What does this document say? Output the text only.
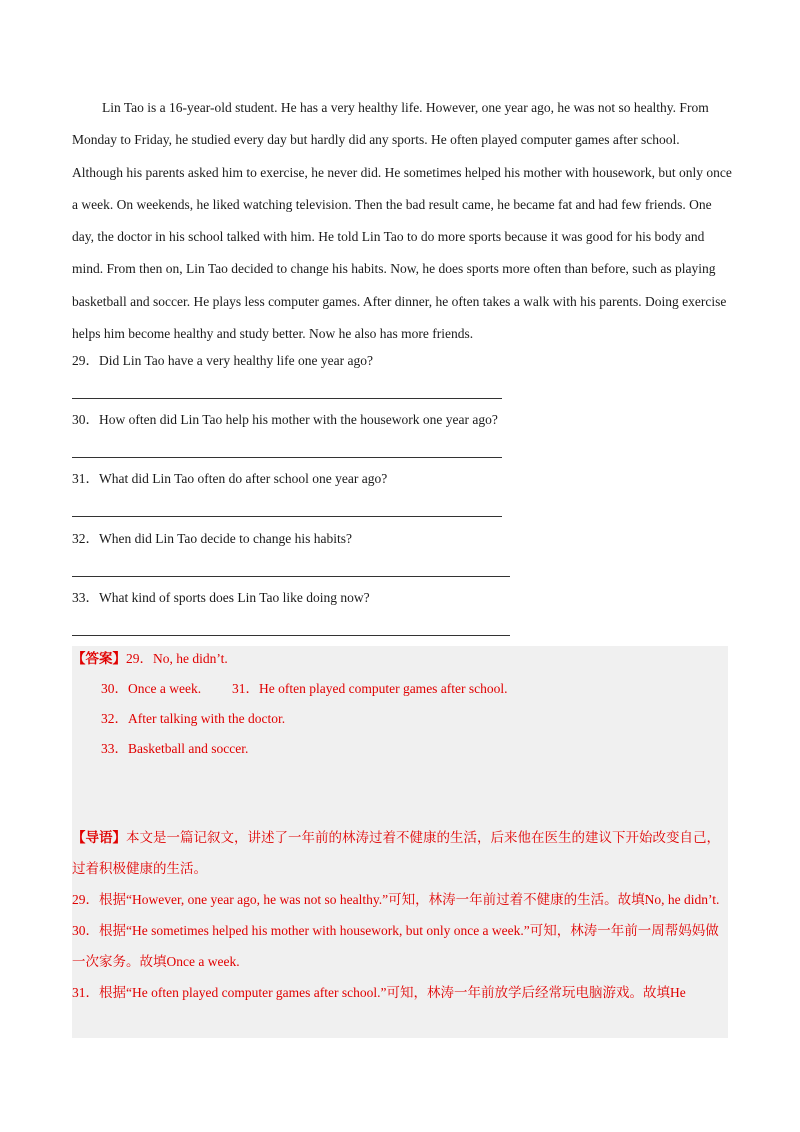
Lin Tao is a 16-year-old student. He has a very healthy life. However, one year ago, he was not so healthy. From Monday to Friday, he studied every day but hardly did any sports. He often played computer games after school. Although his parents asked him to exercise, he never did. He sometimes helped his mother with housework, but only once a week. On weekends, he liked watching television. Then the bad result came, he became fat and had few friends. One day, the doctor in his school talked with him. He told Lin Tao to do more sports because it was good for his body and mind. From then on, Lin Tao decided to change his habits. Now, he does sports more often than before, such as playing basketball and soccer. He plays less computer games. After dinner, he often takes a walk with his parents. Doing exercise helps him become healthy and study better. Now he also has more friends.

29．Did Lin Tao have a very healthy life one year ago?

30．How often did Lin Tao help his mother with the housework one year ago?

31．What did Lin Tao often do after school one year ago?

32．When did Lin Tao decide to change his habits?

33．What kind of sports does Lin Tao like doing now?

【答案】29．No, he didn’t.

30．Once a week. 31．He often played computer games after school.

32．After talking with the doctor.

33．Basketball and soccer.

【导语】本文是一篇记叙文，讲述了一年前的林涛过着不健康的生活，后来他在医生的建议下开始改变自己，过着积极健康的生活。

29．根据“However, one year ago, he was not so healthy.”可知，林涛一年前过着不健康的生活。故填No, he didn’t.

30．根据“He sometimes helped his mother with housework, but only once a week.”可知，林涛一年前一周帮妈妈做一次家务。故填Once a week.

31．根据“He often played computer games after school.”可知，林涛一年前放学后经常玩电脑游戏。故填He
